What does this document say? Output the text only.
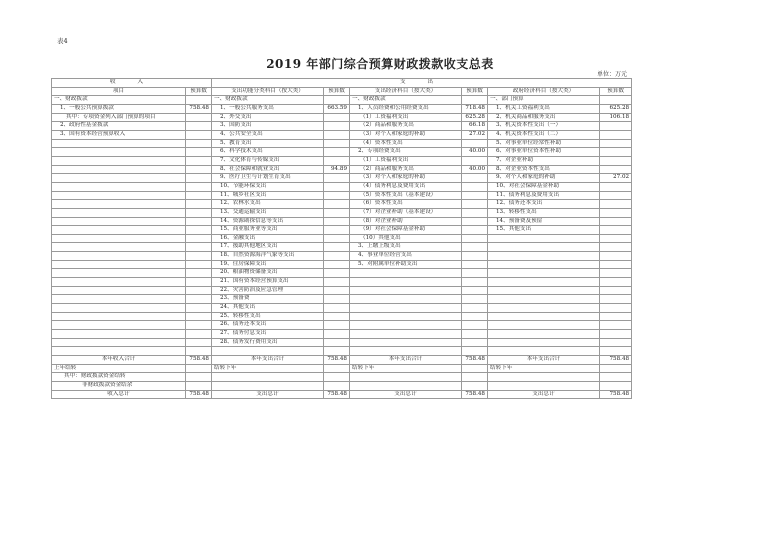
表4
2019 年部门综合预算财政拨款收支总表
单位：万元
收 入		支 出					
项目	预算数	支出功能分类科目（按大类）	预算数	支出经济科目（按大类）	预算数	政府经济科目（按大类）	预算数
一、财政拨款		一、财政拨款		一、财政拨款		一、部门预算	
1、一般公共预算拨款	758.48	1、一般公共服务支出	663.59	1、人员经费和公用经费支出	718.48	1、机关工资福利支出	625.28
其中：专项资金列入部门预算的项目		2、外交支出		（1）工资福利支出	625.28	2、机关商品和服务支出	106.18
2、政府性基金拨款		3、国防支出		（2）商品和服务支出	66.18	3、机关资本性支出（一）	
3、国有资本经营预算收入		4、公共安全支出		（3）对个人和家庭的补助	27.02	4、机关资本性支出（二）	
		5、教育支出		（4）资本性支出		5、对事业单位经常性补助	
		6、科学技术支出		2、专项经费支出	40.00	6、对事业单位资本性补助	
		7、文化体育与传媒支出		（1）工资福利支出		7、对企业补助	
		8、社会保障和就业支出	94.89	（2）商品和服务支出	40.00	8、对企业资本性支出	
		9、医疗卫生与计划生育支出		（3）对个人和家庭的补助		9、对个人和家庭的补助	27.02
		10、节能环保支出		（4）债务利息及费用支出		10、对社会保障基金补助	
		11、城乡社区支出		（5）资本性支出（基本建设）		11、债务利息及费用支出	
		12、农林水支出		（6）资本性支出		12、债务还本支出	
		13、交通运输支出		（7）对企业补助（基本建设）		13、转移性支出	
		14、资源勘探信息等支出		（8）对企业补助		14、预备费及预留	
		15、商业服务业等支出		（9）对社会保障基金补助		15、其他支出	
		16、金融支出		（10）其他支出			
		17、援助其他地区支出		3、上缴上级支出			
		18、自然资源海洋气象等支出		4、事业单位经营支出			
		19、住房保障支出		5、对附属单位补助支出			
		20、粮油物资储备支出					
		21、国有资本经营预算支出					
		22、灾害防治及应急管理					
		23、预备费					
		24、其他支出					
		25、转移性支出					
		26、债务还本支出					
		27、债务付息支出					
		28、债务发行费用支出					

本年收入合计	758.48	本年支出合计	758.48	本年支出合计	758.48	本年支出合计	758.48
上年结转		结转下年		结转下年		结转下年	
其中：财政拨款资金结转							
非财政拨款资金结余							
收入总计	758.48	支出总计	758.48	支出总计	758.48	支出总计	758.48
